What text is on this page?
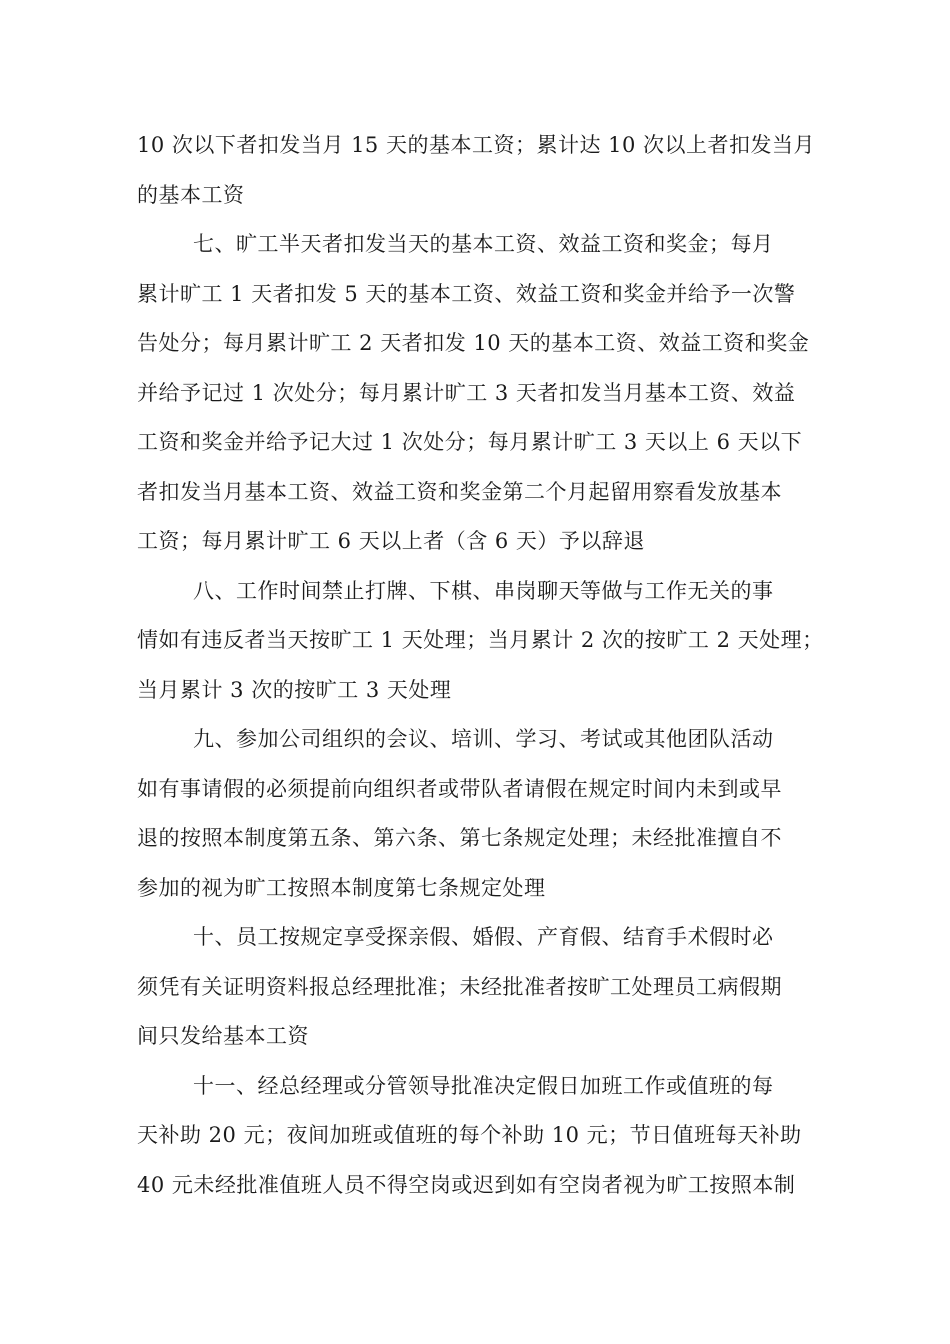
10 次以下者扣发当月 15 天的基本工资；累计达 10 次以上者扣发当月
的基本工资
七、旷工半天者扣发当天的基本工资、效益工资和奖金；每月
累计旷工 1 天者扣发 5 天的基本工资、效益工资和奖金并给予一次警
告处分；每月累计旷工 2 天者扣发 10 天的基本工资、效益工资和奖金
并给予记过 1 次处分；每月累计旷工 3 天者扣发当月基本工资、效益
工资和奖金并给予记大过 1 次处分；每月累计旷工 3 天以上 6 天以下
者扣发当月基本工资、效益工资和奖金第二个月起留用察看发放基本
工资；每月累计旷工 6 天以上者（含 6 天）予以辞退
八、工作时间禁止打牌、下棋、串岗聊天等做与工作无关的事
情如有违反者当天按旷工 1 天处理；当月累计 2 次的按旷工 2 天处理；
当月累计 3 次的按旷工 3 天处理
九、参加公司组织的会议、培训、学习、考试或其他团队活动
如有事请假的必须提前向组织者或带队者请假在规定时间内未到或早
退的按照本制度第五条、第六条、第七条规定处理；未经批准擅自不
参加的视为旷工按照本制度第七条规定处理
十、员工按规定享受探亲假、婚假、产育假、结育手术假时必
须凭有关证明资料报总经理批准；未经批准者按旷工处理员工病假期
间只发给基本工资
十一、经总经理或分管领导批准决定假日加班工作或值班的每
天补助 20 元；夜间加班或值班的每个补助 10 元；节日值班每天补助
40 元未经批准值班人员不得空岗或迟到如有空岗者视为旷工按照本制
